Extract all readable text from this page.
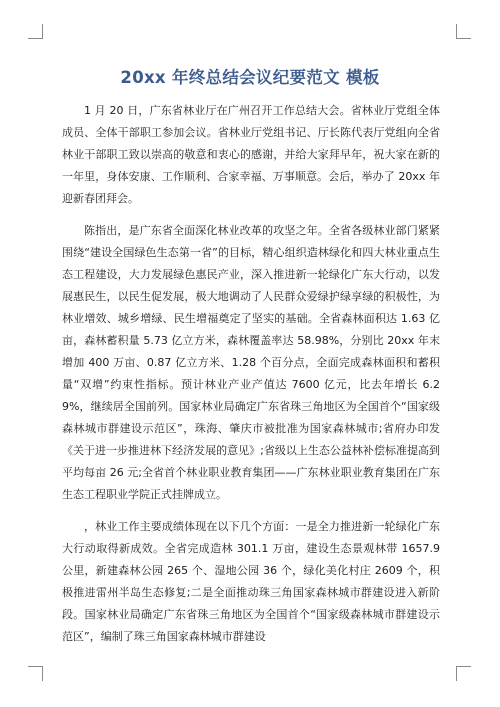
20xx 年终总结会议纪要范文 模板

1 月 20 日，广东省林业厅在广州召开工作总结大会。省林业厅党组全体成员、全体干部职工参加会议。省林业厅党组书记、厅长陈代表厅党组向全省林业干部职工致以崇高的敬意和衷心的感谢，并给大家拜早年，祝大家在新的一年里，身体安康、工作顺利、合家幸福、万事顺意。会后，举办了 20xx 年迎新春团拜会。

陈指出，是广东省全面深化林业改革的攻坚之年。全省各级林业部门紧紧围绕“建设全国绿色生态第一省”的目标，精心组织造林绿化和四大林业重点生态工程建设，大力发展绿色惠民产业，深入推进新一轮绿化广东大行动，以发展惠民生，以民生促发展，极大地调动了人民群众爱绿护绿享绿的积极性，为林业增效、城乡增绿、民生增福奠定了坚实的基础。全省森林面积达 1.63 亿亩，森林蓄积量 5.73 亿立方米，森林覆盖率达 58.98%，分别比 20xx 年末增加 400 万亩、0.87 亿立方米、1.28 个百分点，全面完成森林面积和蓄积量“双增”约束性指标。预计林业产业产值达 7600 亿元，比去年增长 6.29%，继续居全国前列。国家林业局确定广东省珠三角地区为全国首个“国家级森林城市群建设示范区”，珠海、肇庆市被批准为国家森林城市;省府办印发《关于进一步推进林下经济发展的意见》;省级以上生态公益林补偿标准提高到平均每亩 26 元;全省首个林业职业教育集团——广东林业职业教育集团在广东生态工程职业学院正式挂牌成立。

，林业工作主要成绩体现在以下几个方面：一是全力推进新一轮绿化广东大行动取得新成效。全省完成造林 301.1 万亩，建设生态景观林带 1657.9 公里，新建森林公园 265 个、湿地公园 36 个，绿化美化村庄 2609 个，积极推进雷州半岛生态修复;二是全面推动珠三角国家森林城市群建设进入新阶段。国家林业局确定广东省珠三角地区为全国首个“国家级森林城市群建设示范区”，编制了珠三角国家森林城市群建设
